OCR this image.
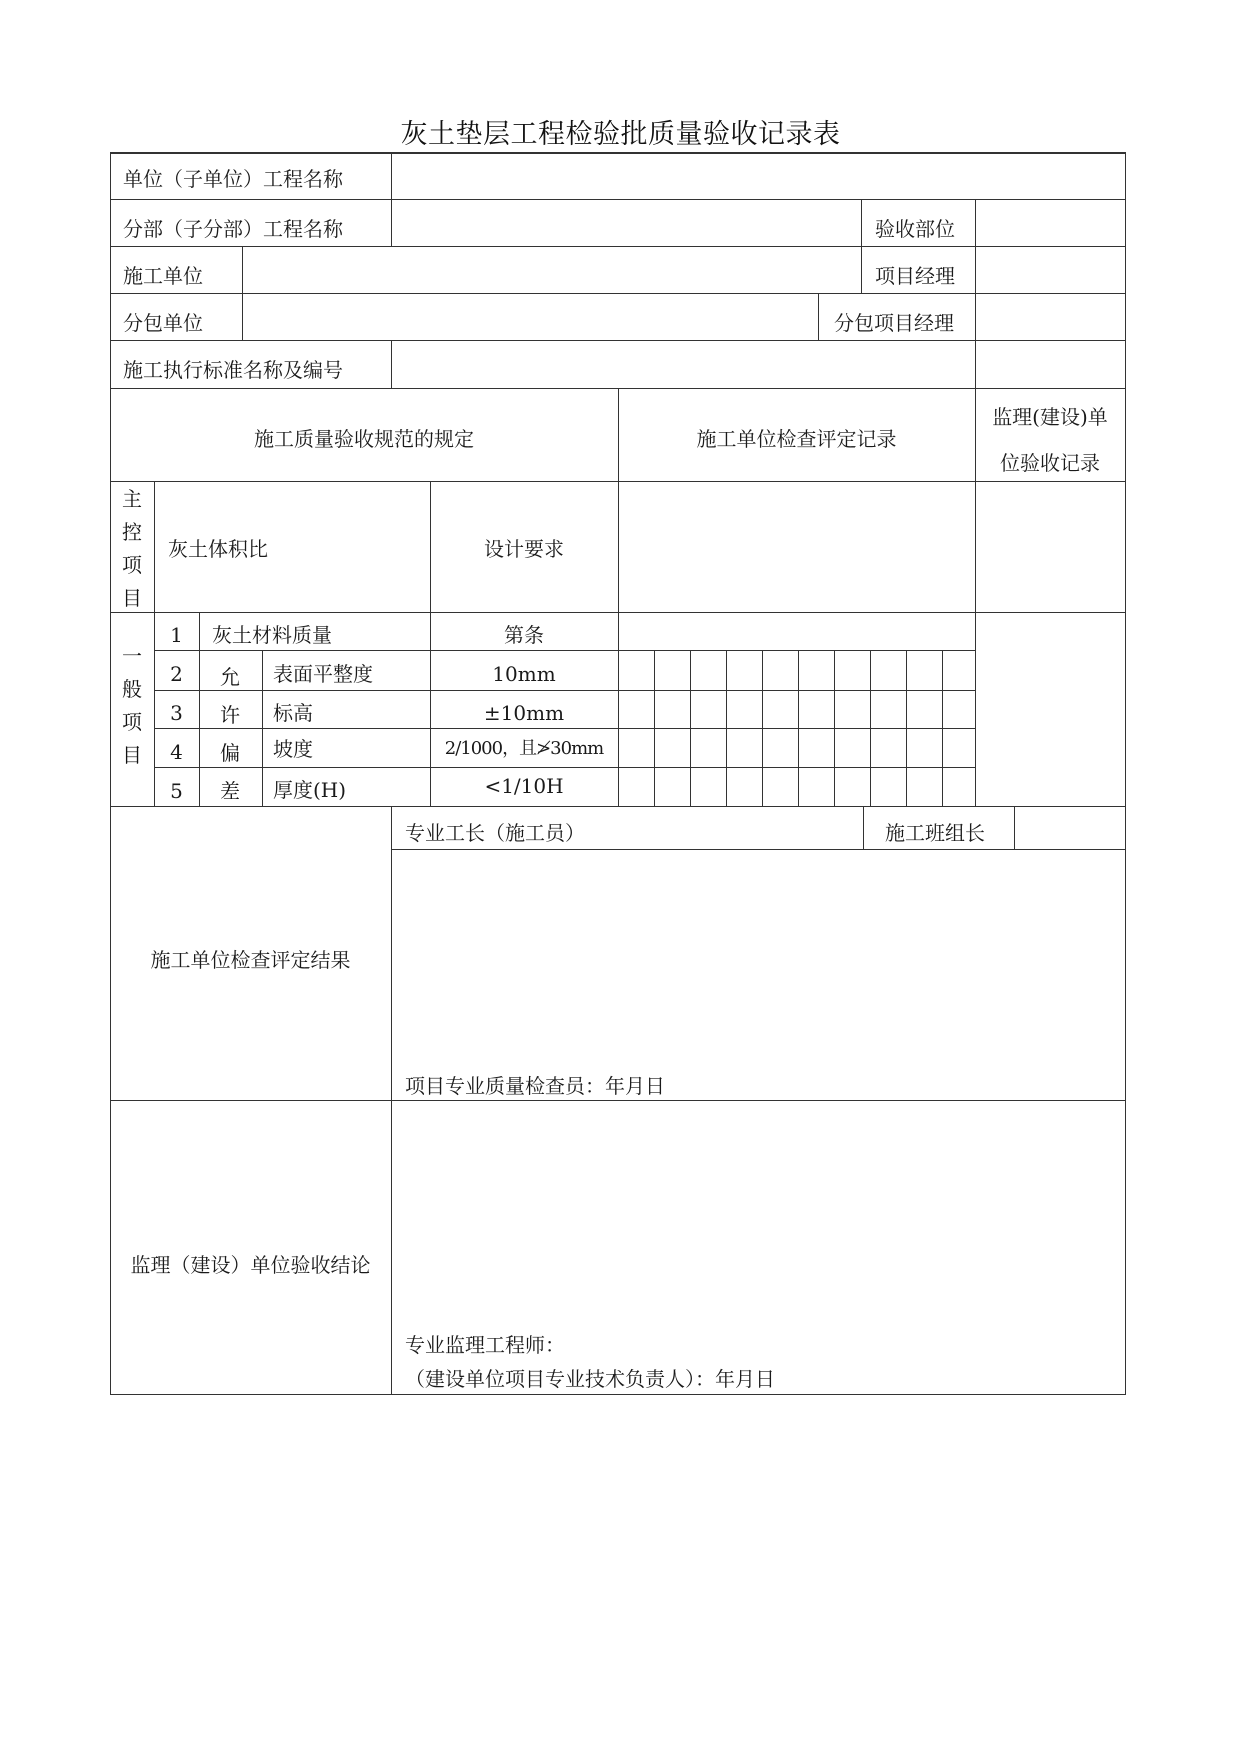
灰土垫层工程检验批质量验收记录表
单位（子单位）工程名称
分部（子分部）工程名称	验收部位
施工单位	项目经理
分包单位	分包项目经理
施工执行标准名称及编号
施工质量验收规范的规定	施工单位检查评定记录
监理(建设)单
位验收记录
主
控
项
目
灰土体积比	设计要求
一
般
项
目
允
许
偏
差
1	灰土材料质量	第条
2	表面平整度	10mm
3	标高	±10mm
4	坡度	2/1000，且≯30mm
5	厚度(H)	<1/10H
专业工长（施工员）	施工班组长
施工单位检查评定结果
项目专业质量检查员：年月日
监理（建设）单位验收结论
专业监理工程师：
（建设单位项目专业技术负责人）：年月日
